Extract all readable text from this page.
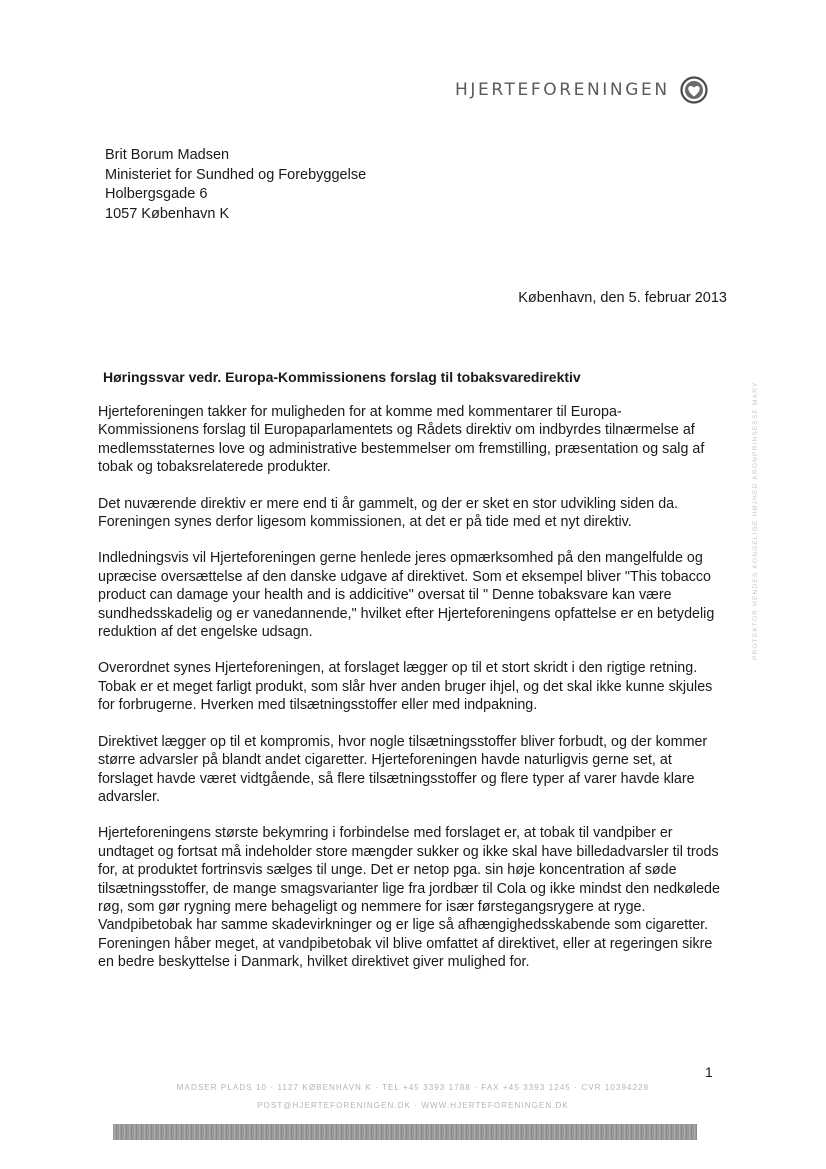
HJERTEFORENINGEN
Brit Borum Madsen
Ministeriet for Sundhed og Forebyggelse
Holbergsgade 6
1057 København K
København, den 5. februar 2013
Høringssvar vedr. Europa-Kommissionens forslag til tobaksvaredirektiv
Hjerteforeningen takker for muligheden for at komme med kommentarer til Europa-
Kommissionens forslag til Europaparlamentets og Rådets direktiv om indbyrdes tilnærmelse af
medlemsstaternes love og administrative bestemmelser om fremstilling, præsentation og salg af
tobak og tobaksrelaterede produkter.
Det nuværende direktiv er mere end ti år gammelt, og der er sket en stor udvikling siden da.
Foreningen synes derfor ligesom kommissionen, at det er på tide med et nyt direktiv.
Indledningsvis vil Hjerteforeningen gerne henlede jeres opmærksomhed på den mangelfulde og
upræcise oversættelse af den danske udgave af direktivet. Som et eksempel bliver "This tobacco
product can damage your health and is addicitive" oversat til " Denne tobaksvare kan være
sundhedsskadelig og er vanedannende," hvilket efter Hjerteforeningens opfattelse er en betydelig
reduktion af det engelske udsagn.
Overordnet synes Hjerteforeningen, at forslaget lægger op til et stort skridt i den rigtige retning.
Tobak er et meget farligt produkt, som slår hver anden bruger ihjel, og det skal ikke kunne skjules
for forbrugerne. Hverken med tilsætningsstoffer eller med indpakning.
Direktivet lægger op til et kompromis, hvor nogle tilsætningsstoffer bliver forbudt, og der kommer
større advarsler på blandt andet cigaretter. Hjerteforeningen havde naturligvis gerne set, at
forslaget havde været vidtgående, så flere tilsætningsstoffer og flere typer af varer havde klare
advarsler.
Hjerteforeningens største bekymring i forbindelse med forslaget er, at tobak til vandpiber er
undtaget og fortsat må indeholder store mængder sukker og ikke skal have billedadvarsler til trods
for, at produktet fortrinsvis sælges til unge. Det er netop pga. sin høje koncentration af søde
tilsætningsstoffer, de mange smagsvarianter lige fra jordbær til Cola og ikke mindst den nedkølede
røg, som gør rygning mere behageligt og nemmere for især førstegangsrygere at ryge.
Vandpibetobak har samme skadevirkninger og er lige så afhængighedsskabende som cigaretter.
Foreningen håber meget, at vandpibetobak vil blive omfattet af direktivet, eller at regeringen sikre
en bedre beskyttelse i Danmark, hvilket direktivet giver mulighed for.
PROTEKTOR HENDES KONGELIGE HØJHED KRONPRINSESSE MARY
1
MADSER PLADS 10 · 1127 KØBENHAVN K · TEL +45 3393 1788 · FAX +45 3393 1245 · CVR 10394228
POST@HJERTEFORENINGEN.DK · WWW.HJERTEFORENINGEN.DK
